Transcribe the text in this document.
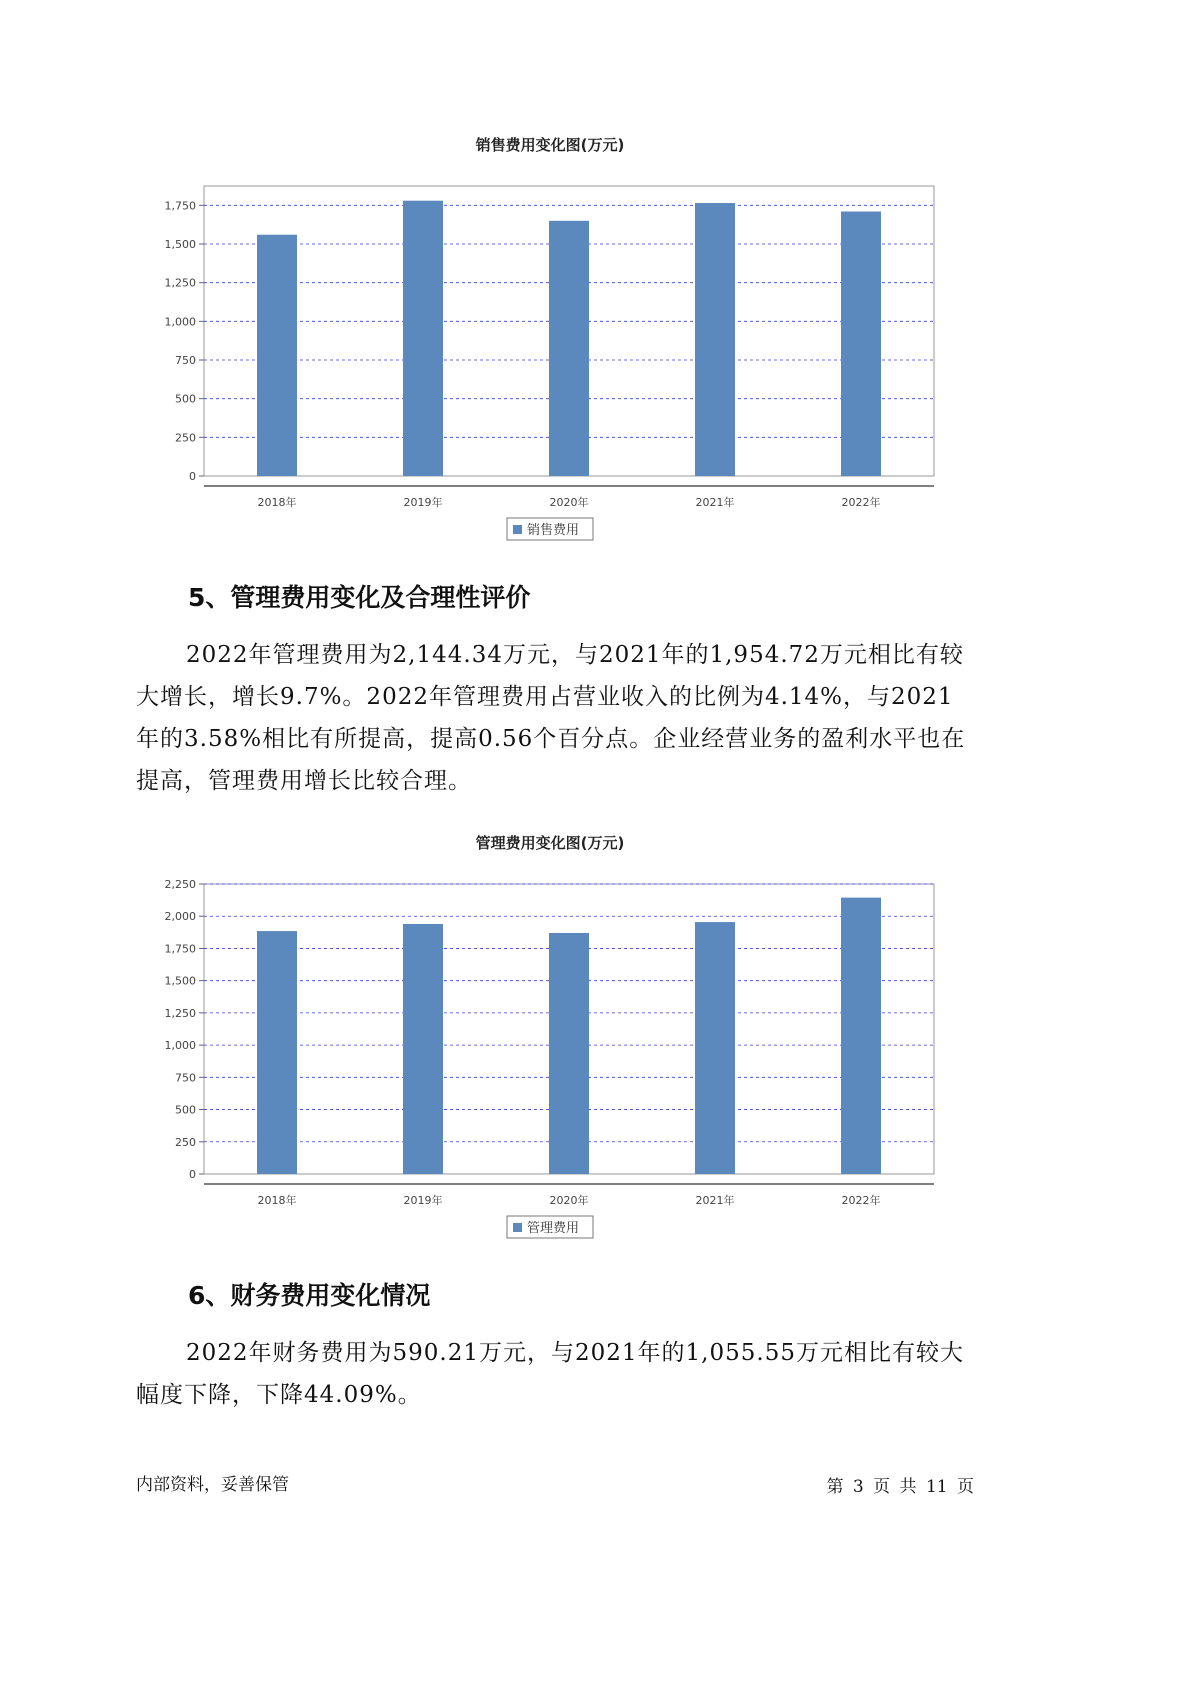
销售费用变化图(万元)
0
250
500
750
1,000
1,250
1,500
1,750
2018年	2019年	2020年	2021年	2022年
销售费用
5、管理费用变化及合理性评价

2022年管理费用为2,144.34万元，与2021年的1,954.72万元相比有较大增长，增长9.7%。2022年管理费用占营业收入的比例为4.14%，与2021年的3.58%相比有所提高，提高0.56个百分点。企业经营业务的盈利水平也在提高，管理费用增长比较合理。

管理费用变化图(万元)
0
250
500
750
1,000
1,250
1,500
1,750
2,000
2,250
2018年	2019年	2020年	2021年	2022年
管理费用
6、财务费用变化情况

2022年财务费用为590.21万元，与2021年的1,055.55万元相比有较大幅度下降，下降44.09%。

内部资料，妥善保管	第 3 页 共 11 页
